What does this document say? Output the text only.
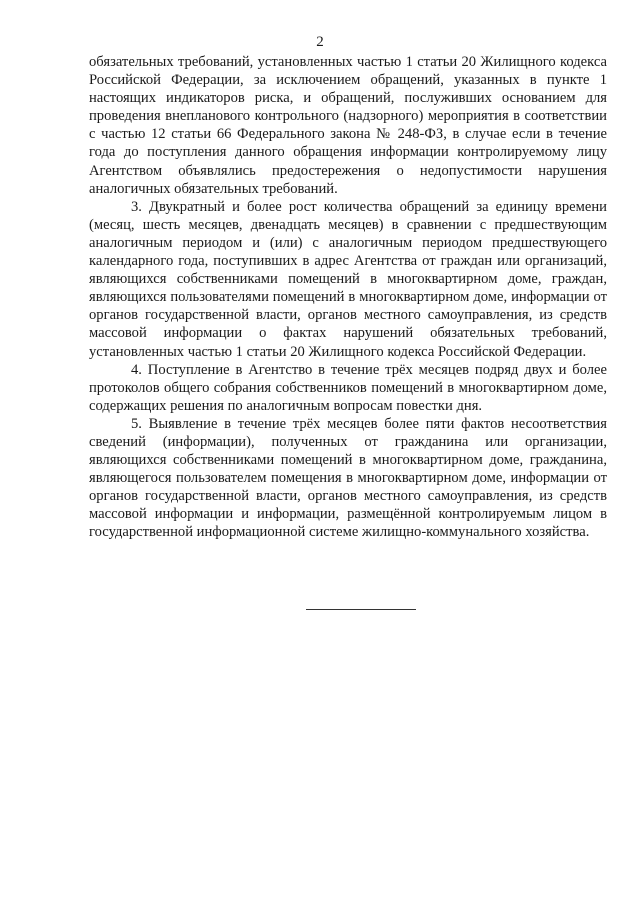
2

обязательных требований, установленных частью 1 статьи 20 Жилищного кодекса Российской Федерации, за исключением обращений, указанных в пункте 1 настоящих индикаторов риска, и обращений, послуживших основанием для проведения внепланового контрольного (надзорного) мероприятия в соответствии с частью 12 статьи 66 Федерального закона № 248-ФЗ, в случае если в течение года до поступления данного обращения информации контролируемому лицу Агентством объявлялись предостережения о недопустимости нарушения аналогичных обязательных требований.

3. Двукратный и более рост количества обращений за единицу времени (месяц, шесть месяцев, двенадцать месяцев) в сравнении с предшествующим аналогичным периодом и (или) с аналогичным периодом предшествующего календарного года, поступивших в адрес Агентства от граждан или организаций, являющихся собственниками помещений в многоквартирном доме, граждан, являющихся пользователями помещений в многоквартирном доме, информации от органов государственной власти, органов местного самоуправления, из средств массовой информации о фактах нарушений обязательных требований, установленных частью 1 статьи 20 Жилищного кодекса Российской Федерации.

4. Поступление в Агентство в течение трёх месяцев подряд двух и более протоколов общего собрания собственников помещений в многоквартирном доме, содержащих решения по аналогичным вопросам повестки дня.

5. Выявление в течение трёх месяцев более пяти фактов несоответствия сведений (информации), полученных от гражданина или организации, являющихся собственниками помещений в многоквартирном доме, гражданина, являющегося пользователем помещения в многоквартирном доме, информации от органов государственной власти, органов местного самоуправления, из средств массовой информации и информации, размещённой контролируемым лицом в государственной информационной системе жилищно-коммунального хозяйства.
